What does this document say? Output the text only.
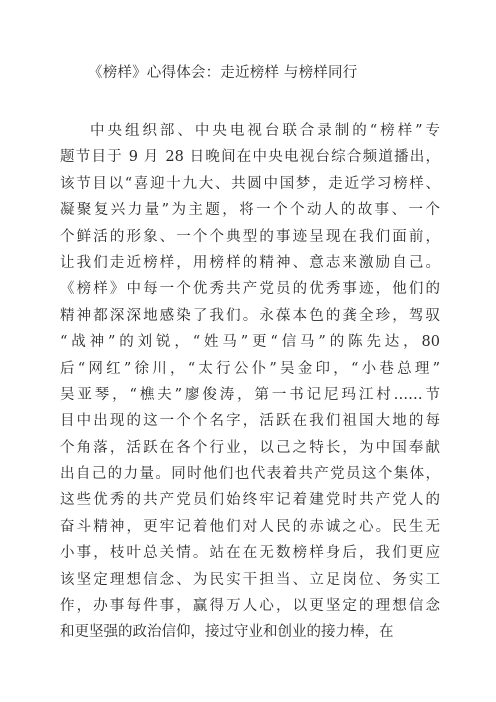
《榜样》心得体会：走近榜样 与榜样同行
中央组织部、中央电视台联合录制的“榜样”专
题节目于 9 月 28 日晚间在中央电视台综合频道播出，
该节目以“喜迎十九大、共圆中国梦，走近学习榜样、
凝聚复兴力量”为主题，将一个个动人的故事、一个
个鲜活的形象、一个个典型的事迹呈现在我们面前，
让我们走近榜样，用榜样的精神、意志来激励自己。
《榜样》中每一个优秀共产党员的优秀事迹，他们的
精神都深深地感染了我们。永葆本色的龚全珍，驾驭
“战神”的刘锐，“姓马”更“信马”的陈先达，80
后“网红”徐川，“太行公仆”吴金印，“小巷总理”
吴亚琴，“樵夫”廖俊涛，第一书记尼玛江村……节
目中出现的这一个个名字，活跃在我们祖国大地的每
个角落，活跃在各个行业，以己之特长，为中国奉献
出自己的力量。同时他们也代表着共产党员这个集体，
这些优秀的共产党员们始终牢记着建党时共产党人的
奋斗精神，更牢记着他们对人民的赤诚之心。民生无
小事，枝叶总关情。站在在无数榜样身后，我们更应
该坚定理想信念、为民实干担当、立足岗位、务实工
作，办事每件事，赢得万人心，以更坚定的理想信念
和更坚强的政治信仰，接过守业和创业的接力棒，在
